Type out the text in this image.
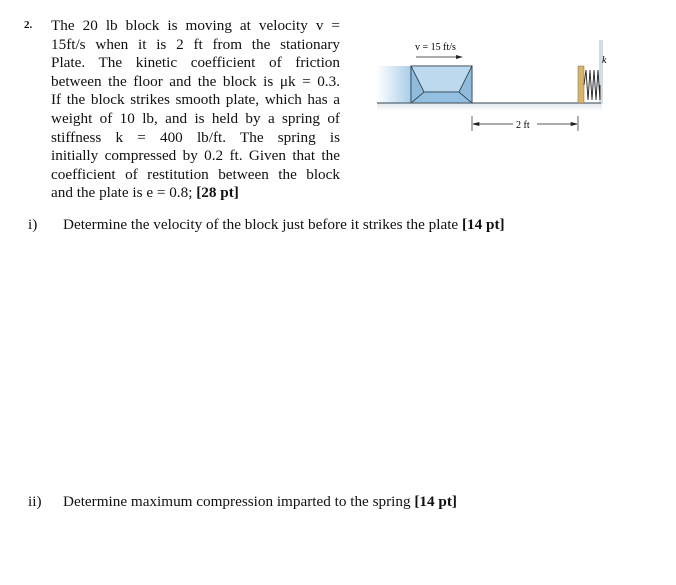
2. The 20 lb block is moving at velocity v =
15ft/s when it is 2 ft from the stationary
Plate. The kinetic coefficient of friction
between the floor and the block is μk = 0.3.
If the block strikes smooth plate, which has a
weight of 10 lb, and is held by a spring of
stiffness k = 400 lb/ft. The spring is
initially compressed by 0.2 ft. Given that the
coefficient of restitution between the block
and the plate is e = 0.8; [28 pt]
k
v = 15 ft/s
2 ft
i) Determine the velocity of the block just before it strikes the plate [14 pt]
ii) Determine maximum compression imparted to the spring [14 pt]
